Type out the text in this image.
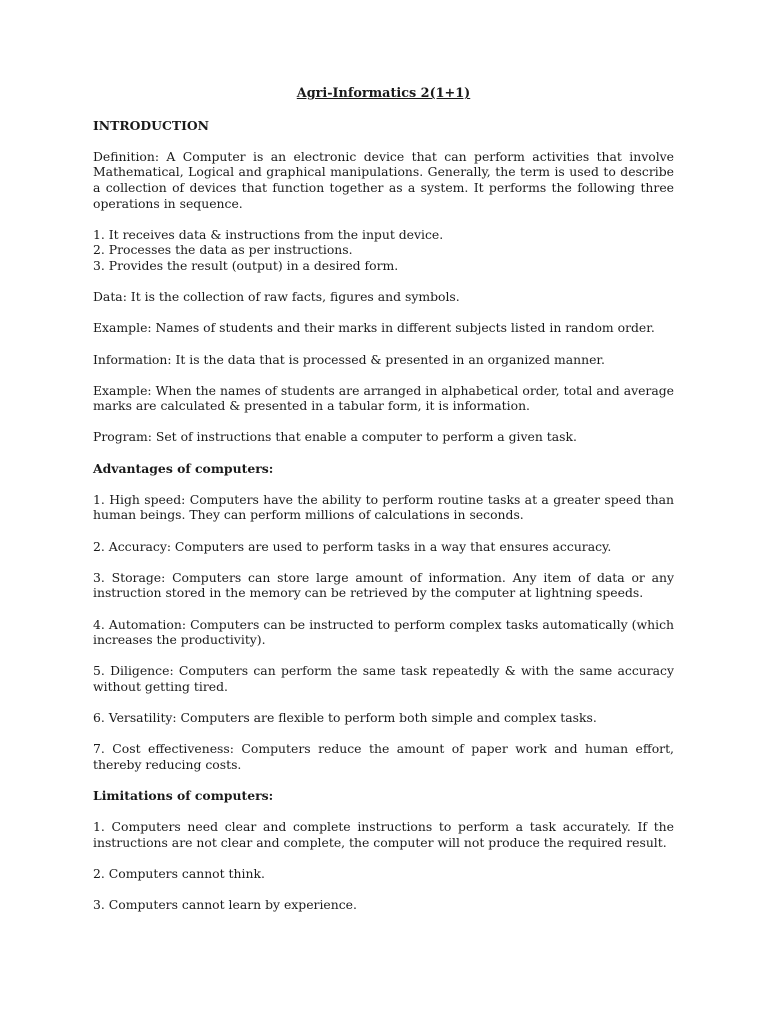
Agri-Informatics 2(1+1)
INTRODUCTION
Definition: A Computer is an electronic device that can perform activities that involve Mathematical, Logical and graphical manipulations. Generally, the term is used to describe a collection of devices that function together as a system. It performs the following three operations in sequence.
1. It receives data & instructions from the input device.
2. Processes the data as per instructions.
3. Provides the result (output) in a desired form.
Data: It is the collection of raw facts, figures and symbols.
Example: Names of students and their marks in different subjects listed in random order.
Information: It is the data that is processed & presented in an organized manner.
Example: When the names of students are arranged in alphabetical order, total and average marks are calculated & presented in a tabular form, it is information.
Program: Set of instructions that enable a computer to perform a given task.
Advantages of computers:
1. High speed: Computers have the ability to perform routine tasks at a greater speed than human beings. They can perform millions of calculations in seconds.
2. Accuracy: Computers are used to perform tasks in a way that ensures accuracy.
3. Storage: Computers can store large amount of information. Any item of data or any instruction stored in the memory can be retrieved by the computer at lightning speeds.
4. Automation: Computers can be instructed to perform complex tasks automatically (which increases the productivity).
5. Diligence: Computers can perform the same task repeatedly & with the same accuracy without getting tired.
6. Versatility: Computers are flexible to perform both simple and complex tasks.
7. Cost effectiveness: Computers reduce the amount of paper work and human effort, thereby reducing costs.
Limitations of computers:
1. Computers need clear and complete instructions to perform a task accurately. If the instructions are not clear and complete, the computer will not produce the required result.
2. Computers cannot think.
3. Computers cannot learn by experience.
